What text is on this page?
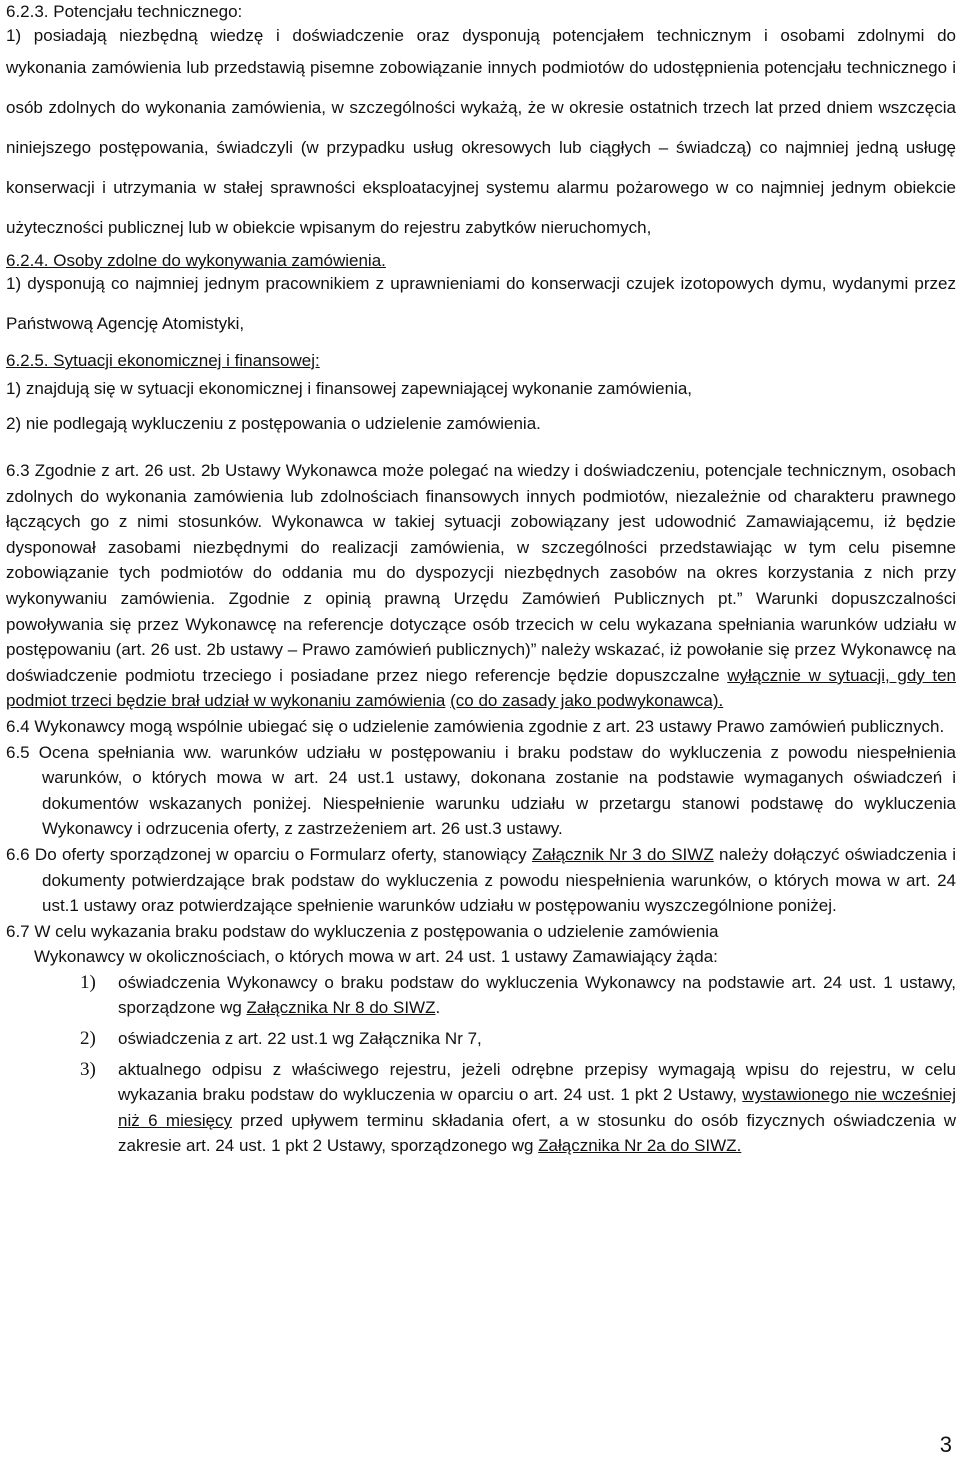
6.2.3. Potencjału technicznego:

1) posiadają niezbędną wiedzę i doświadczenie oraz dysponują potencjałem technicznym i osobami zdolnymi do

wykonania zamówienia lub przedstawią pisemne zobowiązanie innych podmiotów do udostępnienia potencjału technicznego i osób zdolnych do wykonania zamówienia, w szczególności wykażą, że w okresie ostatnich trzech lat przed dniem wszczęcia niniejszego postępowania, świadczyli (w przypadku usług okresowych lub ciągłych – świadczą) co najmniej jedną usługę konserwacji i utrzymania w stałej sprawności eksploatacyjnej systemu alarmu pożarowego w co najmniej jednym obiekcie użyteczności publicznej lub w obiekcie wpisanym do rejestru zabytków nieruchomych,

6.2.4. Osoby zdolne do wykonywania zamówienia.

1) dysponują co najmniej jednym pracownikiem z uprawnieniami do konserwacji czujek izotopowych dymu, wydanymi przez Państwową Agencję Atomistyki,

6.2.5. Sytuacji ekonomicznej i finansowej:

1) znajdują się w sytuacji ekonomicznej i finansowej zapewniającej wykonanie zamówienia,

2) nie podlegają wykluczeniu z postępowania o udzielenie zamówienia.

6.3 Zgodnie z art. 26 ust. 2b Ustawy Wykonawca może polegać na wiedzy i doświadczeniu, potencjale technicznym, osobach zdolnych do wykonania zamówienia lub zdolnościach finansowych innych podmiotów, niezależnie od charakteru prawnego łączących go z nimi stosunków. Wykonawca w takiej sytuacji zobowiązany jest udowodnić Zamawiającemu, iż będzie dysponował zasobami niezbędnymi do realizacji zamówienia, w szczególności przedstawiając w tym celu pisemne zobowiązanie tych podmiotów do oddania mu do dyspozycji niezbędnych zasobów na okres korzystania z nich przy wykonywaniu zamówienia. Zgodnie z opinią prawną Urzędu Zamówień Publicznych pt.” Warunki dopuszczalności powoływania się przez Wykonawcę na referencje dotyczące osób trzecich w celu wykazana spełniania warunków udziału w postępowaniu (art. 26 ust. 2b ustawy – Prawo zamówień publicznych)” należy wskazać, iż powołanie się przez Wykonawcę na doświadczenie podmiotu trzeciego i posiadane przez niego referencje będzie dopuszczalne wyłącznie w sytuacji, gdy ten podmiot trzeci będzie brał udział w wykonaniu zamówienia (co do zasady jako podwykonawca).

6.4 Wykonawcy mogą wspólnie ubiegać się o udzielenie zamówienia zgodnie z art. 23 ustawy Prawo zamówień publicznych.

6.5 Ocena spełniania ww. warunków udziału w postępowaniu i braku podstaw do wykluczenia z powodu niespełnienia warunków, o których mowa w art. 24 ust.1 ustawy, dokonana zostanie na podstawie wymaganych oświadczeń i dokumentów wskazanych poniżej. Niespełnienie warunku udziału w przetargu stanowi podstawę do wykluczenia Wykonawcy i odrzucenia oferty, z zastrzeżeniem art. 26 ust.3 ustawy.

6.6 Do oferty sporządzonej w oparciu o Formularz oferty, stanowiący Załącznik Nr 3 do SIWZ należy dołączyć oświadczenia i dokumenty potwierdzające brak podstaw do wykluczenia z powodu niespełnienia warunków, o których mowa w art. 24 ust.1 ustawy oraz potwierdzające spełnienie warunków udziału w postępowaniu wyszczególnione poniżej.

6.7 W celu wykazania braku podstaw do wykluczenia z postępowania o udzielenie zamówienia

Wykonawcy w okolicznościach, o których mowa w art. 24 ust. 1 ustawy Zamawiający żąda:

1) oświadczenia Wykonawcy o braku podstaw do wykluczenia Wykonawcy na podstawie art. 24 ust. 1 ustawy, sporządzone wg Załącznika Nr 8 do SIWZ.
2) oświadczenia z art. 22 ust.1 wg Załącznika Nr 7,
3) aktualnego odpisu z właściwego rejestru, jeżeli odrębne przepisy wymagają wpisu do rejestru, w celu wykazania braku podstaw do wykluczenia w oparciu o art. 24 ust. 1 pkt 2 Ustawy, wystawionego nie wcześniej niż 6 miesięcy przed upływem terminu składania ofert, a w stosunku do osób fizycznych oświadczenia w zakresie art. 24 ust. 1 pkt 2 Ustawy, sporządzonego wg Załącznika Nr 2a do SIWZ.
3
